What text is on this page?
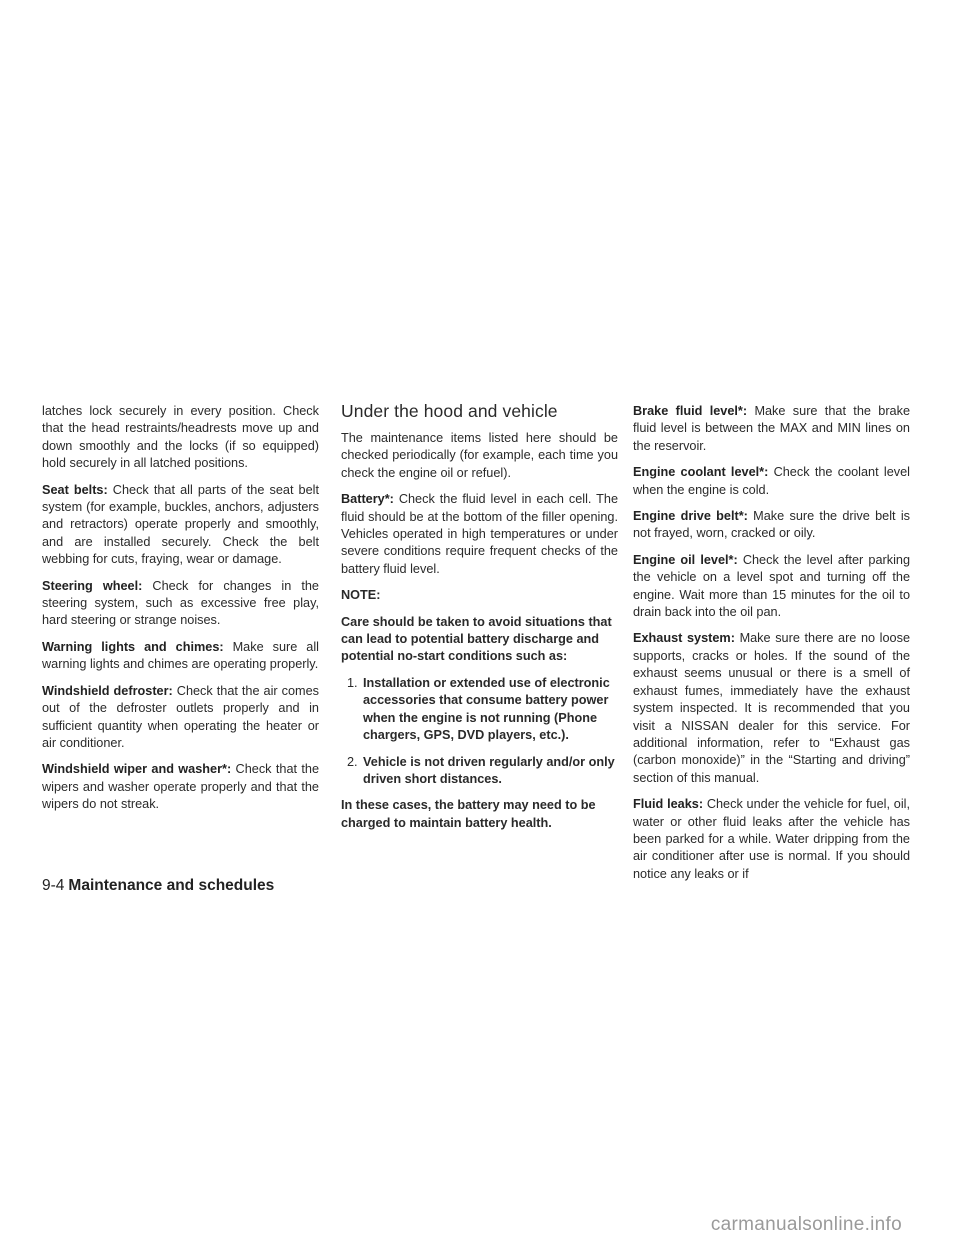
latches lock securely in every position. Check that the head restraints/headrests move up and down smoothly and the locks (if so equipped) hold securely in all latched positions.

Seat belts: Check that all parts of the seat belt system (for example, buckles, anchors, adjusters and retractors) operate properly and smoothly, and are installed securely. Check the belt webbing for cuts, fraying, wear or damage.

Steering wheel: Check for changes in the steering system, such as excessive free play, hard steering or strange noises.

Warning lights and chimes: Make sure all warning lights and chimes are operating properly.

Windshield defroster: Check that the air comes out of the defroster outlets properly and in sufficient quantity when operating the heater or air conditioner.

Windshield wiper and washer*: Check that the wipers and washer operate properly and that the wipers do not streak.

Under the hood and vehicle

The maintenance items listed here should be checked periodically (for example, each time you check the engine oil or refuel).

Battery*: Check the fluid level in each cell. The fluid should be at the bottom of the filler opening. Vehicles operated in high temperatures or under severe conditions require frequent checks of the battery fluid level.

NOTE:

Care should be taken to avoid situations that can lead to potential battery discharge and potential no-start conditions such as:

1. Installation or extended use of electronic accessories that consume battery power when the engine is not running (Phone chargers, GPS, DVD players, etc.).
2. Vehicle is not driven regularly and/or only driven short distances.

In these cases, the battery may need to be charged to maintain battery health.

Brake fluid level*: Make sure that the brake fluid level is between the MAX and MIN lines on the reservoir.

Engine coolant level*: Check the coolant level when the engine is cold.

Engine drive belt*: Make sure the drive belt is not frayed, worn, cracked or oily.

Engine oil level*: Check the level after parking the vehicle on a level spot and turning off the engine. Wait more than 15 minutes for the oil to drain back into the oil pan.

Exhaust system: Make sure there are no loose supports, cracks or holes. If the sound of the exhaust seems unusual or there is a smell of exhaust fumes, immediately have the exhaust system inspected. It is recommended that you visit a NISSAN dealer for this service. For additional information, refer to “Exhaust gas (carbon monoxide)” in the “Starting and driving” section of this manual.

Fluid leaks: Check under the vehicle for fuel, oil, water or other fluid leaks after the vehicle has been parked for a while. Water dripping from the air conditioner after use is normal. If you should notice any leaks or if

9-4 Maintenance and schedules
carmanualsonline.info
